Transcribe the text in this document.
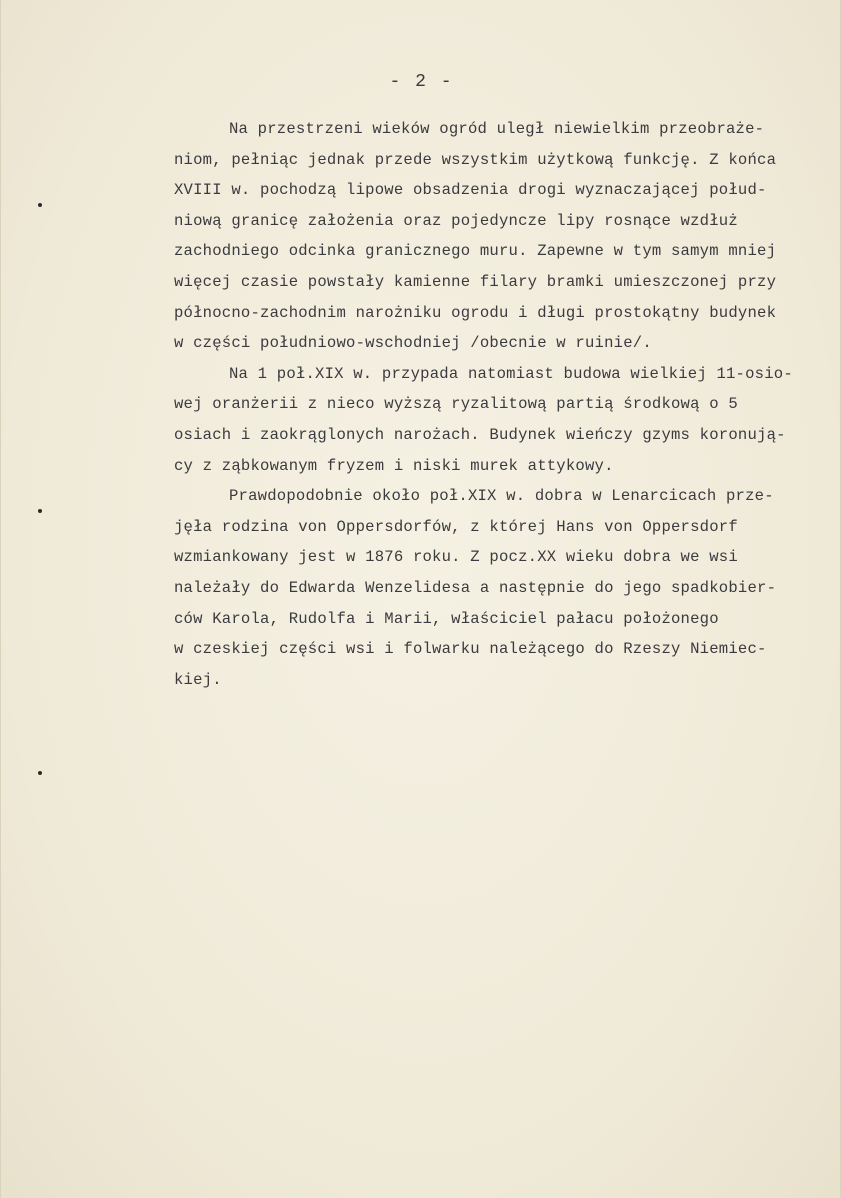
- 2 -
Na przestrzeni wieków ogród uległ niewielkim przeobraże-
niom, pełniąc jednak przede wszystkim użytkową funkcję. Z końca
XVIII w. pochodzą lipowe obsadzenia drogi wyznaczającej połud-
niową granicę założenia oraz pojedyncze lipy rosnące wzdłuż
zachodniego odcinka granicznego muru. Zapewne w tym samym mniej
więcej czasie powstały kamienne filary bramki umieszczonej przy
północno-zachodnim narożniku ogrodu i długi prostokątny budynek
w części południowo-wschodniej /obecnie w ruinie/.
Na 1 poł.XIX w. przypada natomiast budowa wielkiej 11-osio-
wej oranżerii z nieco wyższą ryzalitową partią środkową o 5
osiach i zaokrąglonych narożach. Budynek wieńczy gzyms koronują-
cy z ząbkowanym fryzem i niski murek attykowy.
Prawdopodobnie około poł.XIX w. dobra w Lenarcicach prze-
jęła rodzina von Oppersdorfów, z której Hans von Oppersdorf
wzmiankowany jest w 1876 roku. Z pocz.XX wieku dobra we wsi
należały do Edwarda Wenzelidesa a następnie do jego spadkobier-
ców Karola, Rudolfa i Marii, właściciel pałacu położonego
w czeskiej części wsi i folwarku należącego do Rzeszy Niemiec-
kiej.
